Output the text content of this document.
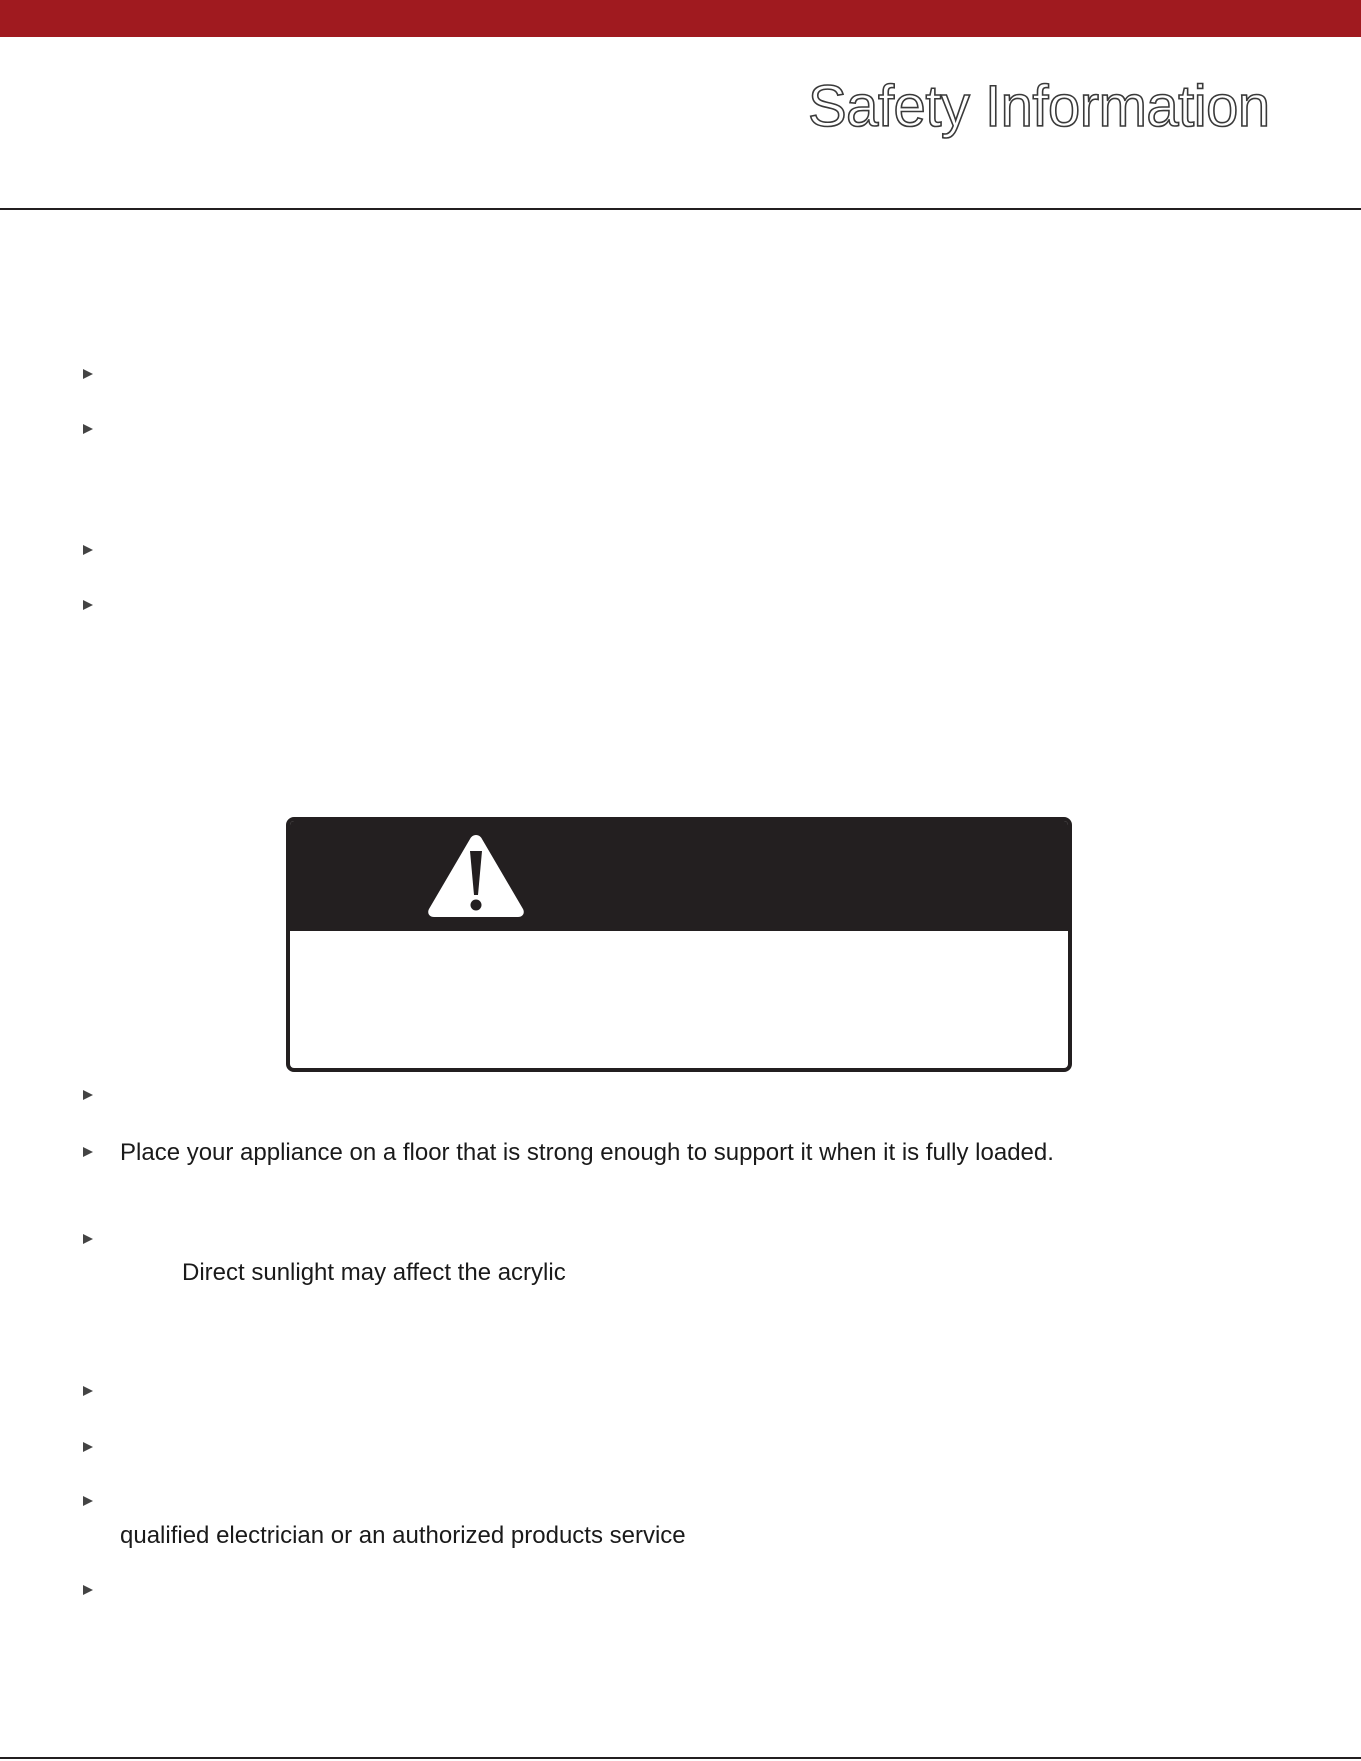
Safety Information
Place your appliance on a floor that is strong enough to support it when it is fully loaded.
Direct sunlight may affect the acrylic
qualified electrician or an authorized products service
